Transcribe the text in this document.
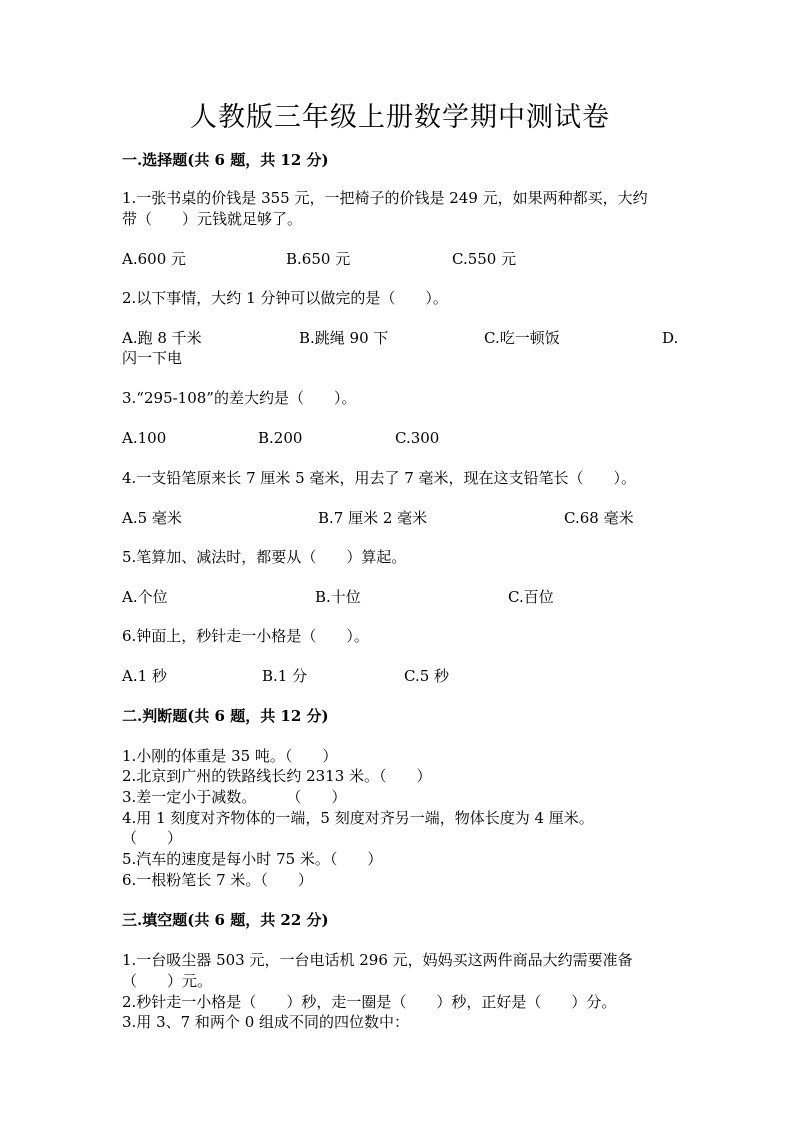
人教版三年级上册数学期中测试卷
一.选择题(共 6 题，共 12 分)
1.一张书桌的价钱是 355 元，一把椅子的价钱是 249 元，如果两种都买，大约
带（　　）元钱就足够了。
A.600 元	B.650 元	C.550 元
2.以下事情，大约 1 分钟可以做完的是（　　）。
A.跑 8 千米	B.跳绳 90 下	C.吃一顿饭	D.
闪一下电
3.“295-108”的差大约是（　　）。
A.100	B.200	C.300
4.一支铅笔原来长 7 厘米 5 毫米，用去了 7 毫米，现在这支铅笔长（　　）。
A.5 毫米	B.7 厘米 2 毫米	C.68 毫米
5.笔算加、减法时，都要从（　　）算起。
A.个位	B.十位	C.百位
6.钟面上，秒针走一小格是（　　）。
A.1 秒	B.1 分	C.5 秒
二.判断题(共 6 题，共 12 分)
1.小刚的体重是 35 吨。（　　）
2.北京到广州的铁路线长约 2313 米。（　　）
3.差一定小于减数。　　　（　　）
4.用 1 刻度对齐物体的一端，5 刻度对齐另一端，物体长度为 4 厘米。
（　　）
5.汽车的速度是每小时 75 米。（　　）
6.一根粉笔长 7 米。（　　）
三.填空题(共 6 题，共 22 分)
1.一台吸尘器 503 元，一台电话机 296 元，妈妈买这两件商品大约需要准备
（　　）元。
2.秒针走一小格是（　　）秒，走一圈是（　　）秒，正好是（　　）分。
3.用 3、7 和两个 0 组成不同的四位数中：
